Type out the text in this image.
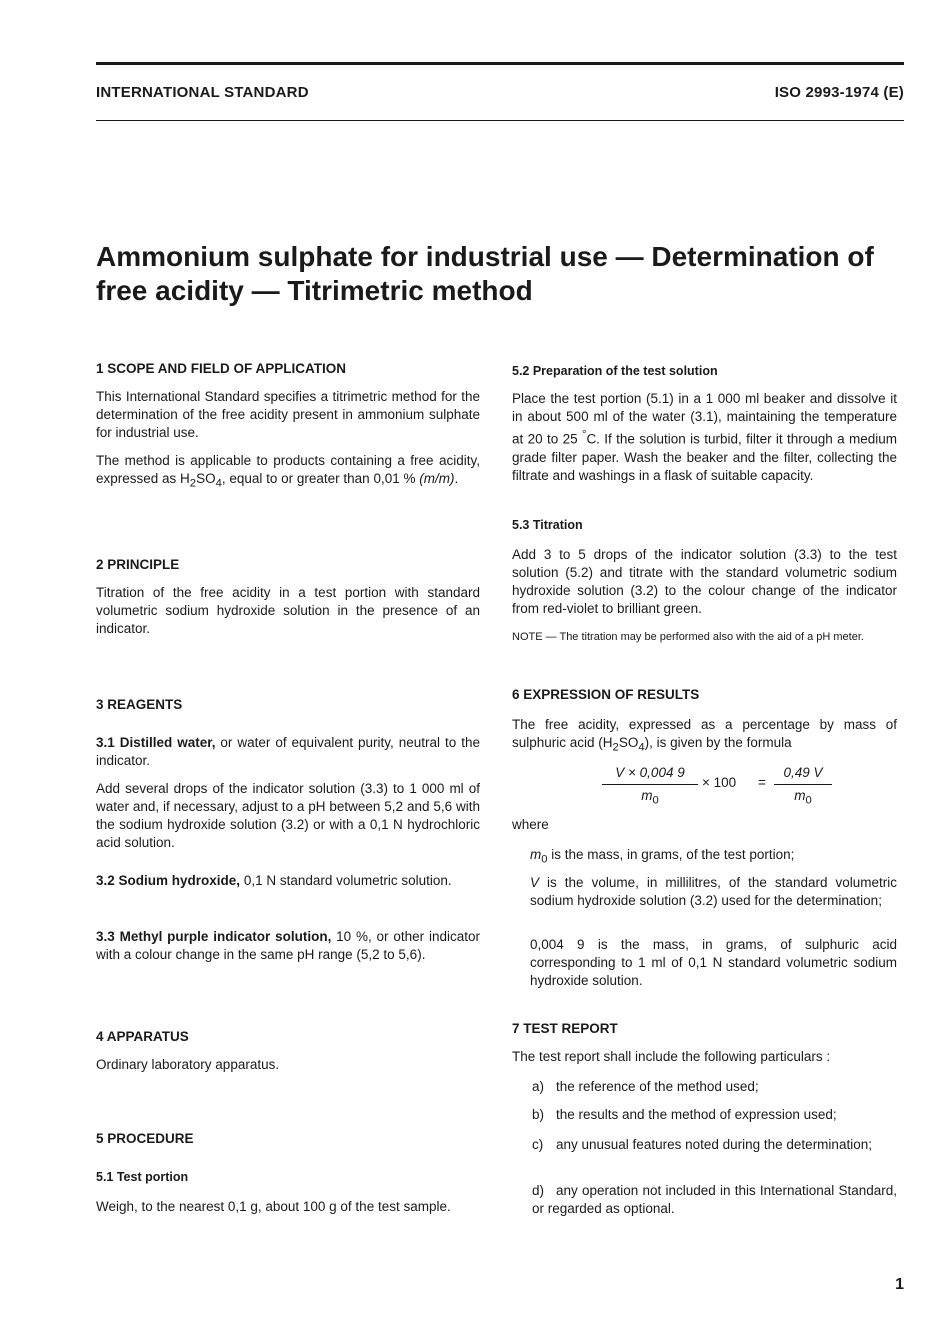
INTERNATIONAL STANDARD	ISO 2993-1974 (E)
Ammonium sulphate for industrial use — Determination of
free acidity — Titrimetric method
1 SCOPE AND FIELD OF APPLICATION

This International Standard specifies a titrimetric method for the determination of the free acidity present in ammonium sulphate for industrial use.

The method is applicable to products containing a free acidity, expressed as $H_2SO_4$, equal to or greater than 0,01 % (m/m).

2 PRINCIPLE

Titration of the free acidity in a test portion with standard volumetric sodium hydroxide solution in the presence of an indicator.

3 REAGENTS

3.1 Distilled water, or water of equivalent purity, neutral to the indicator.

Add several drops of the indicator solution (3.3) to 1 000 ml of water and, if necessary, adjust to a pH between 5,2 and 5,6 with the sodium hydroxide solution (3.2) or with a 0,1 N hydrochloric acid solution.

3.2 Sodium hydroxide, 0,1 N standard volumetric solution.

3.3 Methyl purple indicator solution, 10 %, or other indicator with a colour change in the same pH range (5,2 to 5,6).

4 APPARATUS

Ordinary laboratory apparatus.

5 PROCEDURE
5.1 Test portion

Weigh, to the nearest 0,1 g, about 100 g of the test sample.

5.2 Preparation of the test solution

Place the test portion (5.1) in a 1 000 ml beaker and dissolve it in about 500 ml of the water (3.1), maintaining the temperature at 20 to 25 °C. If the solution is turbid, filter it through a medium grade filter paper. Wash the beaker and the filter, collecting the filtrate and washings in a flask of suitable capacity.

5.3 Titration

Add 3 to 5 drops of the indicator solution (3.3) to the test solution (5.2) and titrate with the standard volumetric sodium hydroxide solution (3.2) to the colour change of the indicator from red-violet to brilliant green.

NOTE — The titration may be performed also with the aid of a pH meter.

6 EXPRESSION OF RESULTS

The free acidity, expressed as a percentage by mass of sulphuric acid $(H_2SO_4)$, is given by the formula

$\frac{V \times 0,004 9}{m_0} \times 100 = \frac{0,49 V}{m_0}$

where

$m_0$ is the mass, in grams, of the test portion;

V is the volume, in millilitres, of the standard volumetric sodium hydroxide solution (3.2) used for the determination;

0,004 9 is the mass, in grams, of sulphuric acid corresponding to 1 ml of 0,1 N standard volumetric sodium hydroxide solution.

7 TEST REPORT

The test report shall include the following particulars :

a) the reference of the method used;
b) the results and the method of expression used;
c) any unusual features noted during the determination;
d) any operation not included in this International Standard, or regarded as optional.
1
